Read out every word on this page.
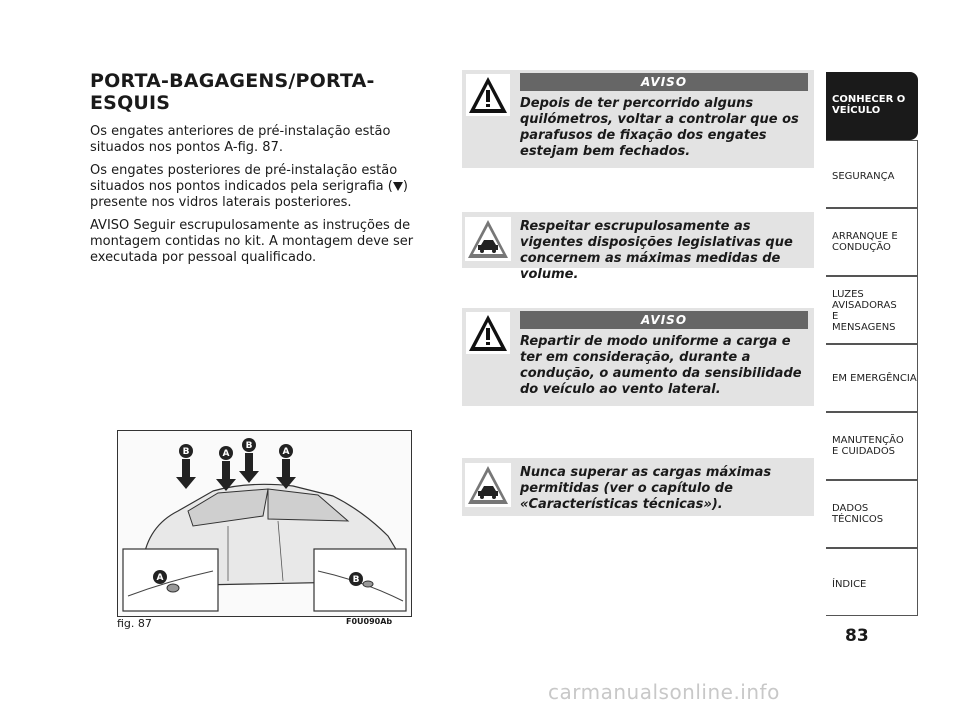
PORTA-BAGAGENS/PORTA-ESQUIS

Os engates anteriores de pré-instalação estão situados nos pontos A-fig. 87.

Os engates posteriores de pré-instalação estão situados nos pontos indicados pela serigrafia ( ) presente nos vidros laterais posteriores.

AVISO Seguir escrupulosamente as instruções de montagem contidas no kit. A montagem deve ser executada por pessoal qualificado.

B	A
B
A
A	B
fig. 87	F0U090Ab
AVISO
Depois de ter percorrido alguns quilómetros, voltar a controlar que os parafusos de fixação dos engates estejam bem fechados.
Respeitar escrupulosamente as vigentes disposições legislativas que concernem as máximas medidas de volume.
AVISO
Repartir de modo uniforme a carga e ter em consideração, durante a condução, o aumento da sensibilidade do veículo ao vento lateral.
Nunca superar as cargas máximas permitidas (ver o capítulo de «Características técnicas»).
CONHECER O VEÍCULO
SEGURANÇA
ARRANQUE E CONDUÇÃO
LUZES AVISADORAS E MENSAGENS
EM EMERGÊNCIA
MANUTENÇÃO E CUIDADOS
DADOS TÉCNICOS
ÍNDICE
83
carmanualsonline.info
